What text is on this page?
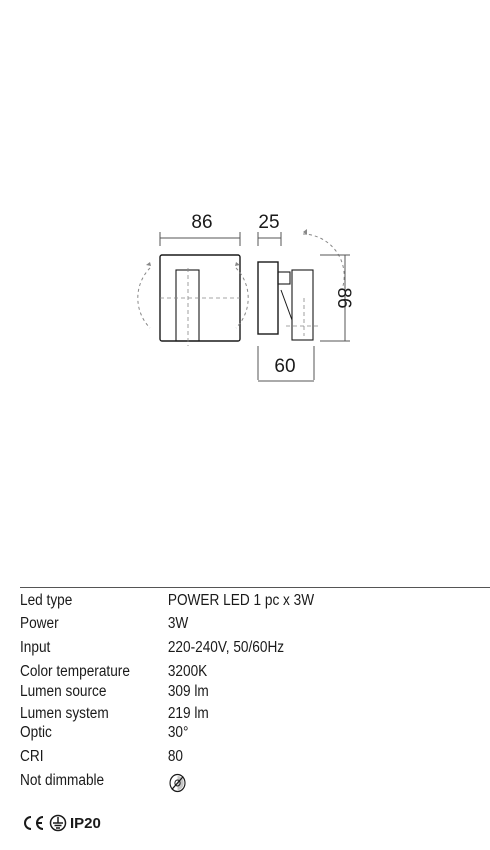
86 25
86
60
Led type	POWER LED 1 pc x 3W
Power	3W
Input	220-240V, 50/60Hz
Color temperature 3200K
Lumen source	309 lm
Lumen system	219 lm
Optic	30°
CRI	80
Not dimmable
IP20
